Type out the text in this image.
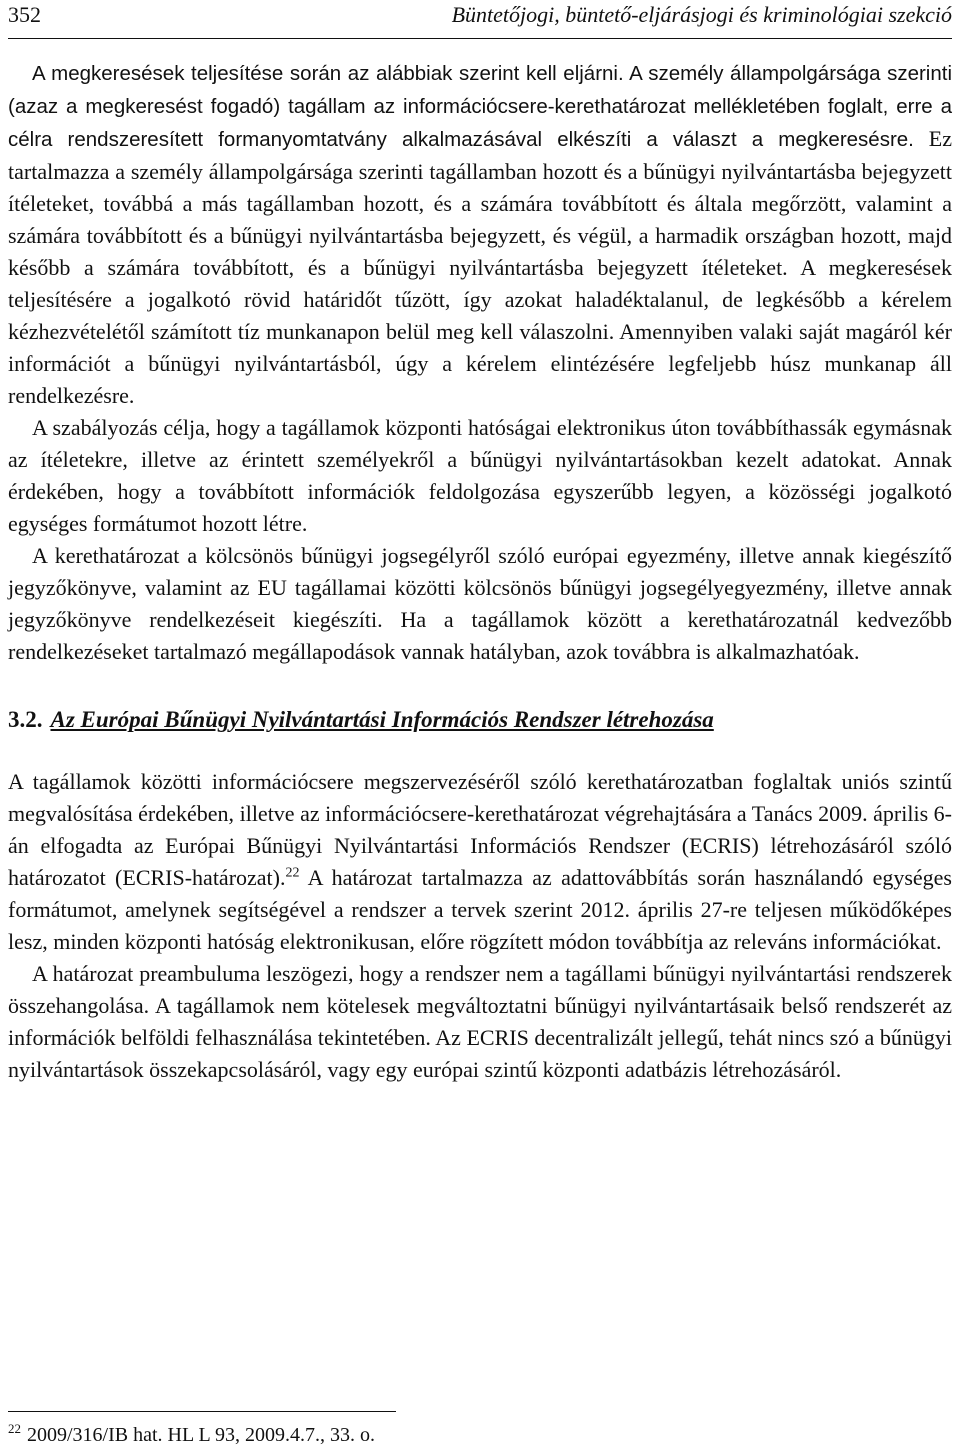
352	Büntetőjogi, büntető-eljárásjogi és kriminológiai szekció

A megkeresések teljesítése során az alábbiak szerint kell eljárni. A személy állampolgársága szerinti (azaz a megkeresést fogadó) tagállam az információcsere-kerethatározat mellékletében foglalt, erre a célra rendszeresített formanyomtatvány alkalmazásával elkészíti a választ a megkeresésre. Ez tartalmazza a személy állampolgársága szerinti tagállamban hozott és a bűnügyi nyilvántartásba bejegyzett ítéleteket, továbbá a más tagállamban hozott, és a számára továbbított és általa megőrzött, valamint a számára továbbított és a bűnügyi nyilvántartásba bejegyzett, és végül, a harmadik országban hozott, majd később a számára továbbított, és a bűnügyi nyilvántartásba bejegyzett ítéleteket. A megkeresések teljesítésére a jogalkotó rövid határidőt tűzött, így azokat haladéktalanul, de legkésőbb a kérelem kézhezvételétől számított tíz munkanapon belül meg kell válaszolni. Amennyiben valaki saját magáról kér információt a bűnügyi nyilvántartásból, úgy a kérelem elintézésére legfeljebb húsz munkanap áll rendelkezésre.

A szabályozás célja, hogy a tagállamok központi hatóságai elektronikus úton továbbíthassák egymásnak az ítéletekre, illetve az érintett személyekről a bűnügyi nyilvántartásokban kezelt adatokat. Annak érdekében, hogy a továbbított információk feldolgozása egyszerűbb legyen, a közösségi jogalkotó egységes formátumot hozott létre.

A kerethatározat a kölcsönös bűnügyi jogsegélyről szóló európai egyezmény, illetve annak kiegészítő jegyzőkönyve, valamint az EU tagállamai közötti kölcsönös bűnügyi jogsegélyegyezmény, illetve annak jegyzőkönyve rendelkezéseit kiegészíti. Ha a tagállamok között a kerethatározatnál kedvezőbb rendelkezéseket tartalmazó megállapodások vannak hatályban, azok továbbra is alkalmazhatóak.

3.2. Az Európai Bűnügyi Nyilvántartási Információs Rendszer létrehozása

A tagállamok közötti információcsere megszervezéséről szóló kerethatározatban foglaltak uniós szintű megvalósítása érdekében, illetve az információcsere-kerethatározat végrehajtására a Tanács 2009. április 6-án elfogadta az Európai Bűnügyi Nyilvántartási Információs Rendszer (ECRIS) létrehozásáról szóló határozatot (ECRIS-határozat).$^{22}$ A határozat tartalmazza az adattovábbítás során használandó egységes formátumot, amelynek segítségével a rendszer a tervek szerint 2012. április 27-re teljesen működőképes lesz, minden központi hatóság elektronikusan, előre rögzített módon továbbítja az releváns információkat.

A határozat preambuluma leszögezi, hogy a rendszer nem a tagállami bűnügyi nyilvántartási rendszerek összehangolása. A tagállamok nem kötelesek megváltoztatni bűnügyi nyilvántartásaik belső rendszerét az információk belföldi felhasználása tekintetében. Az ECRIS decentralizált jellegű, tehát nincs szó a bűnügyi nyilvántartások összekapcsolásáról, vagy egy európai szintű központi adatbázis létrehozásáról.

$^{22}$ 2009/316/IB hat. HL L 93, 2009.4.7., 33. o.
